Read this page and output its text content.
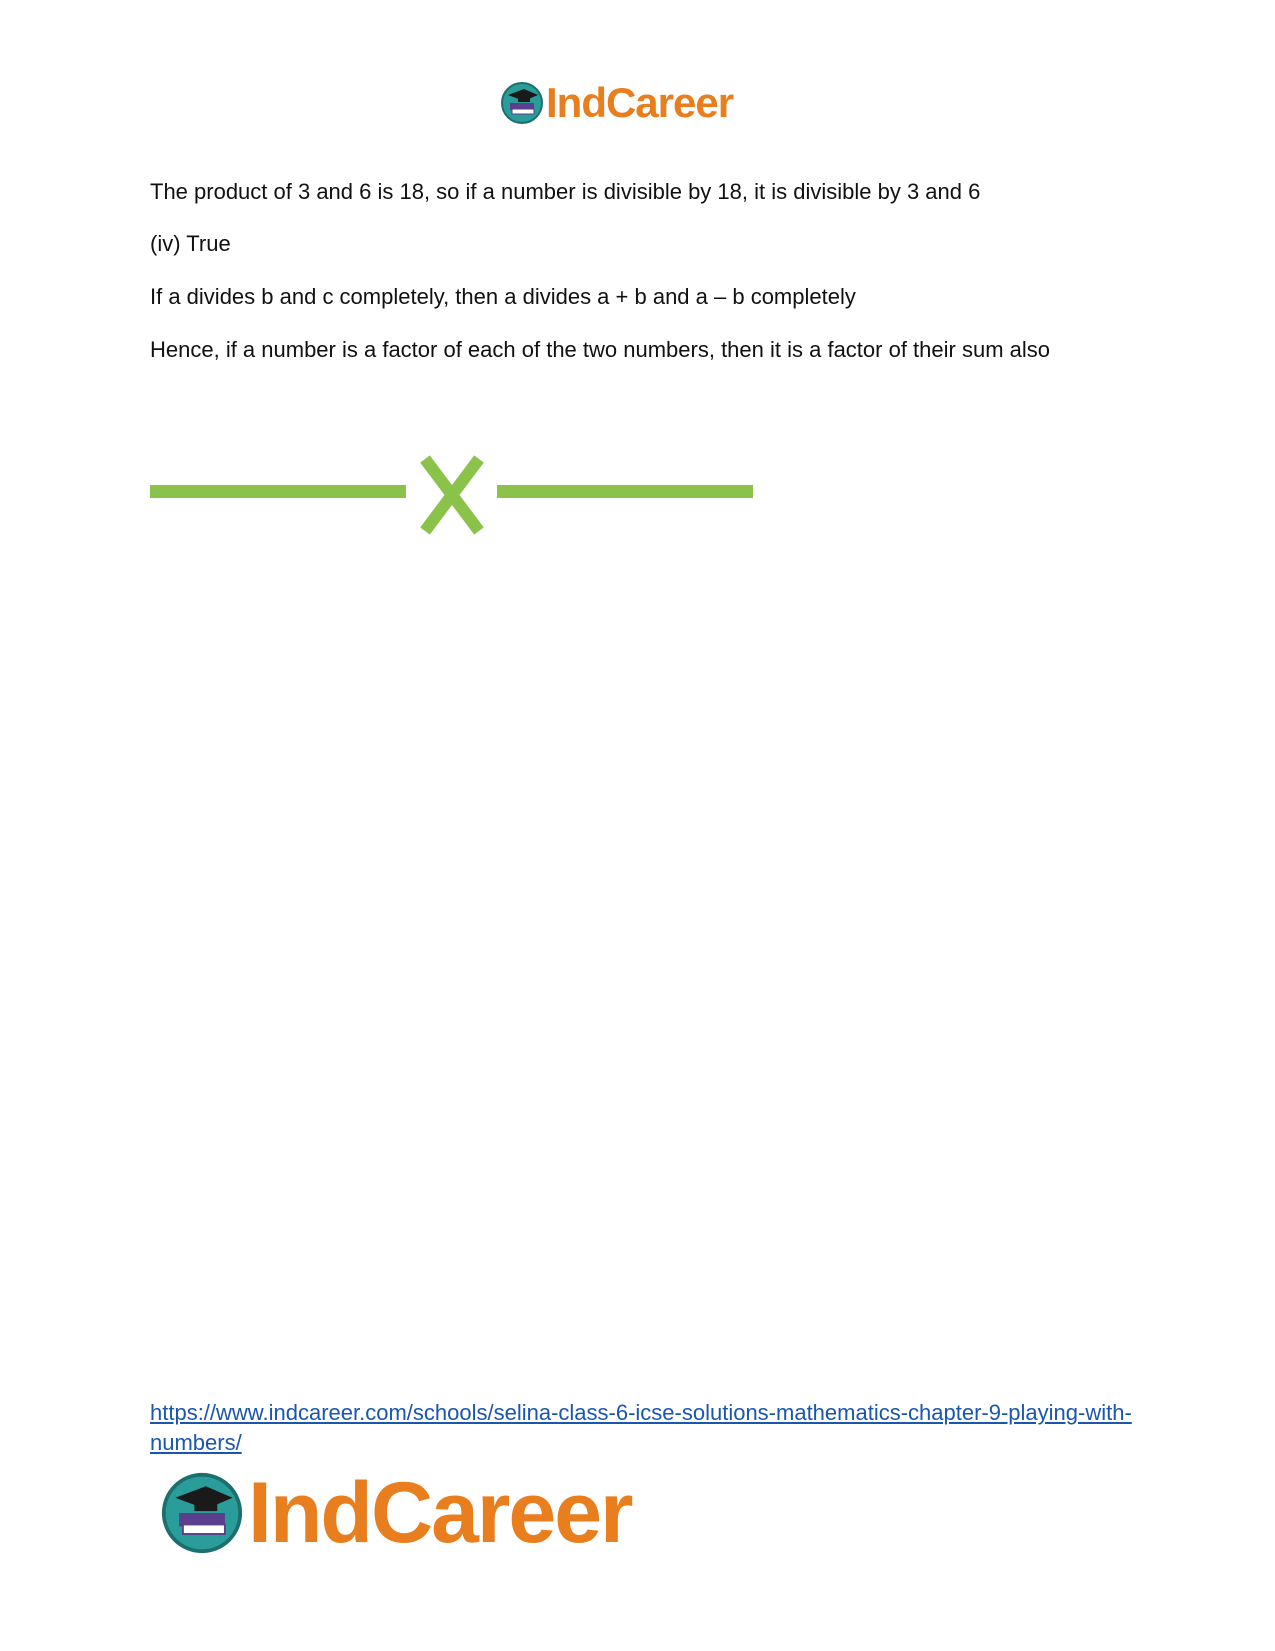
IndCareer

The product of 3 and 6 is 18, so if a number is divisible by 18, it is divisible by 3 and 6

(iv) True

If a divides b and c completely, then a divides a + b and a – b completely

Hence, if a number is a factor of each of the two numbers, then it is a factor of their sum also

https://www.indcareer.com/schools/selina-class-6-icse-solutions-mathematics-chapter-9-playing-with-numbers/
IndCareer
